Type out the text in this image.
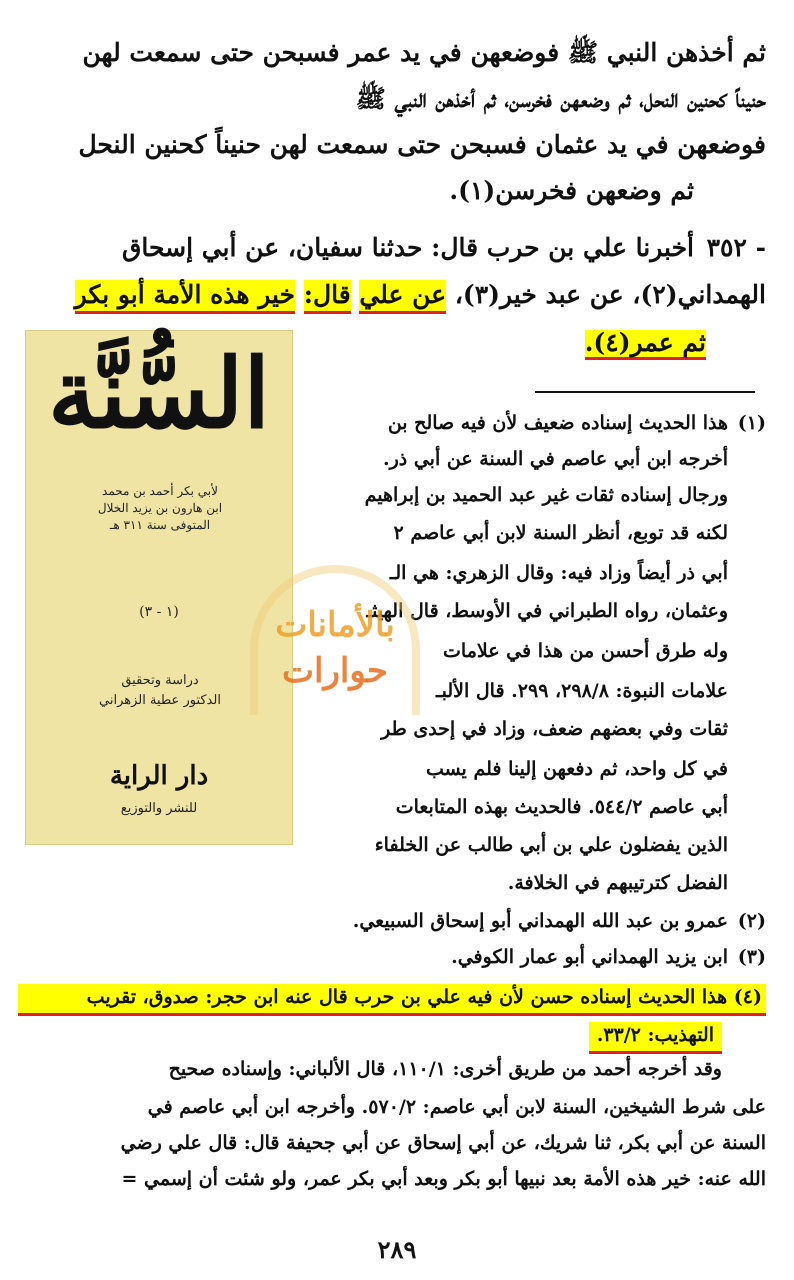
ثم أخذهن النبي ﷺ فوضعهن في يد عمر فسبحن حتى سمعت لهن
حنيناً كحنين النحل، ثم وضعهن فخرسن، ثم أخذهن النبي ﷺ
فوضعهن في يد عثمان فسبحن حتى سمعت لهن حنيناً كحنين النحل
ثم وضعهن فخرسن(١).
٣٥٢ -
أخبرنا علي بن حرب قال: حدثنا سفيان، عن أبي إسحاق
الهمداني(٢)، عن عبد خير(٣)، عن علي قال: خير هذه الأمة أبو بكر
ثم عمر(٤).
السُّنَّة
لأبي بكر أحمد بن محمد
ابن هارون بن يزيد الخلال
المتوفى سنة ٣١١ هـ
(١ - ٣)
دراسة وتحقيق
الدكتور عطية الزهراني
دار الراية
للنشر والتوزيع
(١)
هذا الحديث إسناده ضعيف لأن فيه صالح بن
أخرجه ابن أبي عاصم في السنة عن أبي ذر.
ورجال إسناده ثقات غير عبد الحميد بن إبراهيم
لكنه قد توبع، أنظر السنة لابن أبي عاصم ٢
أبي ذر أيضاً وزاد فيه: وقال الزهري: هي الـ
وعثمان، رواه الطبراني في الأوسط، قال الهيثـ
وله طرق أحسن من هذا في علامات
علامات النبوة: ٢٩٨/٨، ٢٩٩. قال الألبـ
ثقات وفي بعضهم ضعف، وزاد في إحدى طر
في كل واحد، ثم دفعهن إلينا فلم يسب
أبي عاصم ٥٤٤/٢. فالحديث بهذه المتابعات
الذين يفضلون علي بن أبي طالب عن الخلفاء
الفضل كترتيبهم في الخلافة.
(٢)
عمرو بن عبد الله الهمداني أبو إسحاق السبيعي.
(٣)
ابن يزيد الهمداني أبو عمار الكوفي.
(٤) هذا الحديث إسناده حسن لأن فيه علي بن حرب قال عنه ابن حجر: صدوق، تقريب
التهذيب: ٣٣/٢.
وقد أخرجه أحمد من طريق أخرى: ١١٠/١، قال الألباني: وإسناده صحيح
على شرط الشيخين، السنة لابن أبي عاصم: ٥٧٠/٢. وأخرجه ابن أبي عاصم في
السنة عن أبي بكر، ثنا شريك، عن أبي إسحاق عن أبي جحيفة قال: قال علي رضي
الله عنه: خير هذه الأمة بعد نبيها أبو بكر وبعد أبي بكر عمر، ولو شئت أن إسمي =
بالأمانات
حوارات
٢٨٩
